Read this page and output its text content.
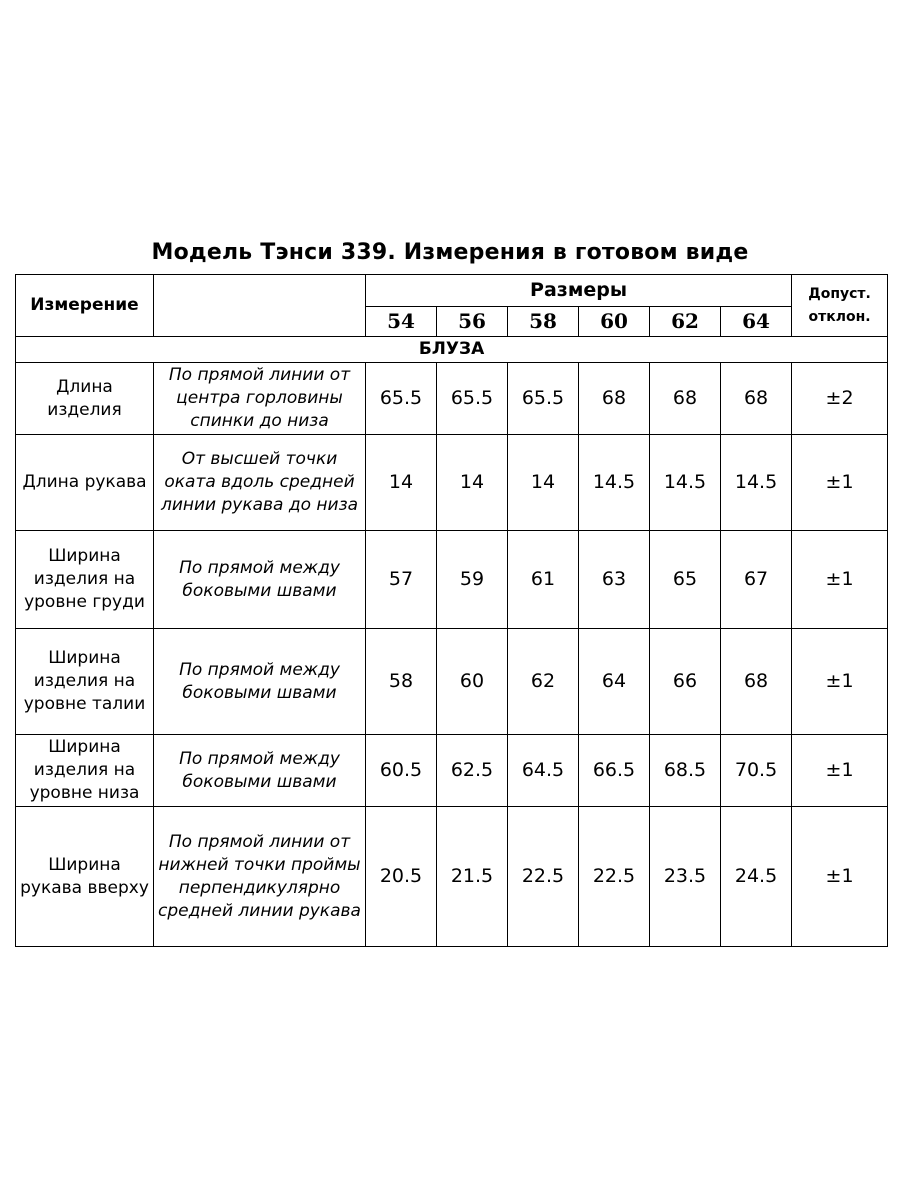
Модель Тэнси 339. Измерения в готовом виде
Измерение		Размеры						Допуст. отклон.
		54	56	58	60	62	64	
БЛУЗА								
Длина изделия	По прямой линии от центра горловины спинки до низа	65.5	65.5	65.5	68	68	68	±2
Длина рукава	От высшей точки оката вдоль средней линии рукава до низа	14	14	14	14.5	14.5	14.5	±1
Ширина изделия на уровне груди	По прямой между боковыми швами	57	59	61	63	65	67	±1
Ширина изделия на уровне талии	По прямой между боковыми швами	58	60	62	64	66	68	±1
Ширина изделия на уровне низа	По прямой между боковыми швами	60.5	62.5	64.5	66.5	68.5	70.5	±1
Ширина рукава вверху	По прямой линии от нижней точки проймы перпендикулярно средней линии рукава	20.5	21.5	22.5	22.5	23.5	24.5	±1
